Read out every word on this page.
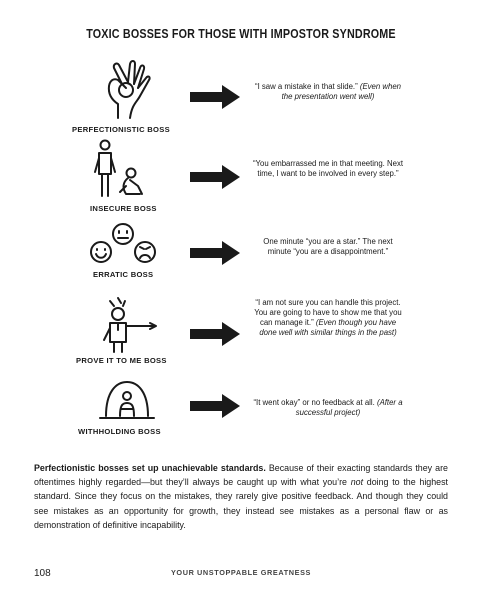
TOXIC BOSSES FOR THOSE WITH IMPOSTOR SYNDROME
PERFECTIONISTIC BOSS
“I saw a mistake in that slide.” (Even when the presentation went well)
INSECURE BOSS
“You embarrassed me in that meeting. Next time, I want to be involved in every step.”
ERRATIC BOSS
One minute “you are a star.” The next minute “you are a disappointment.”
PROVE IT TO ME BOSS
“I am not sure you can handle this project. You are going to have to show me that you can manage it.” (Even though you have done well with similar things in the past)
WITHHOLDING BOSS
“It went okay” or no feedback at all. (After a successful project)
Perfectionistic bosses set up unachievable standards. Because of their exacting standards they are oftentimes highly regarded—but they’ll always be caught up with what you’re not doing to the highest standard. Since they focus on the mistakes, they rarely give positive feedback. And though they could see mistakes as an opportunity for growth, they instead see mistakes as a personal flaw or as demonstration of definitive incapability.
108	YOUR UNSTOPPABLE GREATNESS
